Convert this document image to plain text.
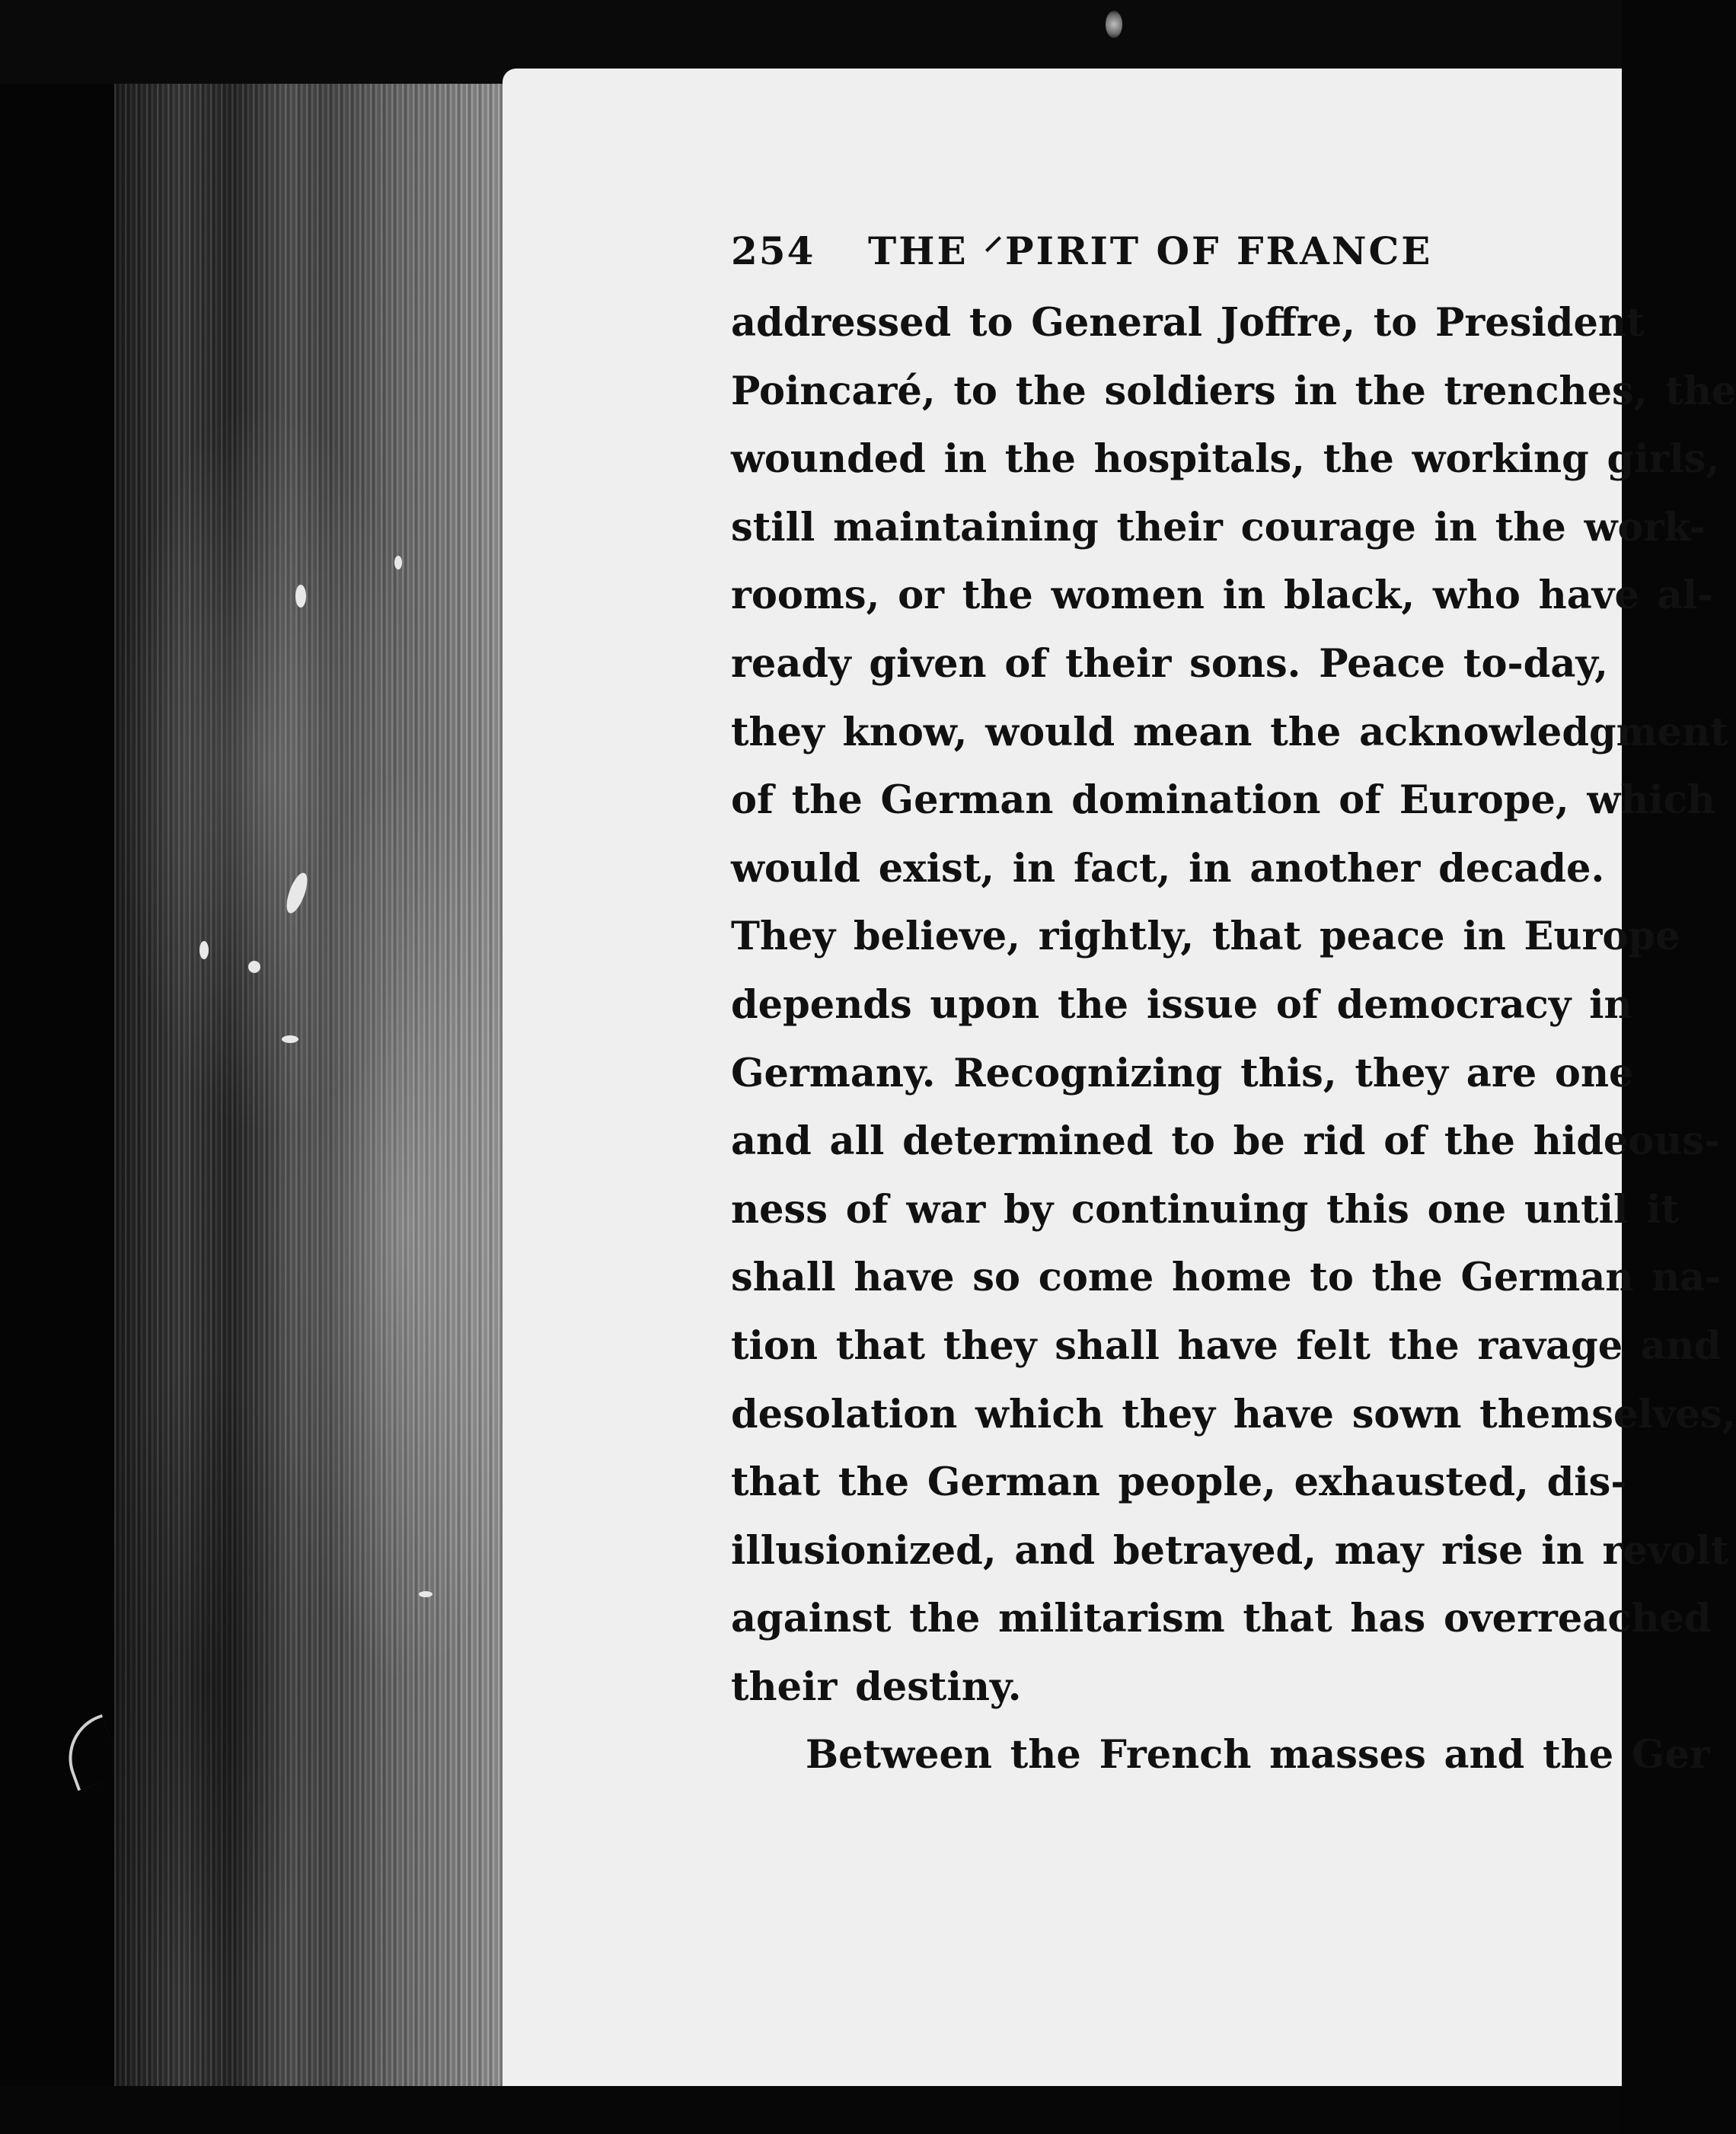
254	THE ⸍PIRIT OF FRANCE
addressed to General Joffre, to President
Poincaré, to the soldiers in the trenches, the
wounded in the hospitals, the working girls,
still maintaining their courage in the work-
rooms, or the women in black, who have al-
ready given of their sons. Peace to-day,
they know, would mean the acknowledgment
of the German domination of Europe, which
would exist, in fact, in another decade.
They believe, rightly, that peace in Europe
depends upon the issue of democracy in
Germany. Recognizing this, they are one
and all determined to be rid of the hideous-
ness of war by continuing this one until it
shall have so come home to the German na-
tion that they shall have felt the ravage and
desolation which they have sown themselves,
that the German people, exhausted, dis-
illusionized, and betrayed, may rise in revolt
against the militarism that has overreached
their destiny.
Between the French masses and the Ger
